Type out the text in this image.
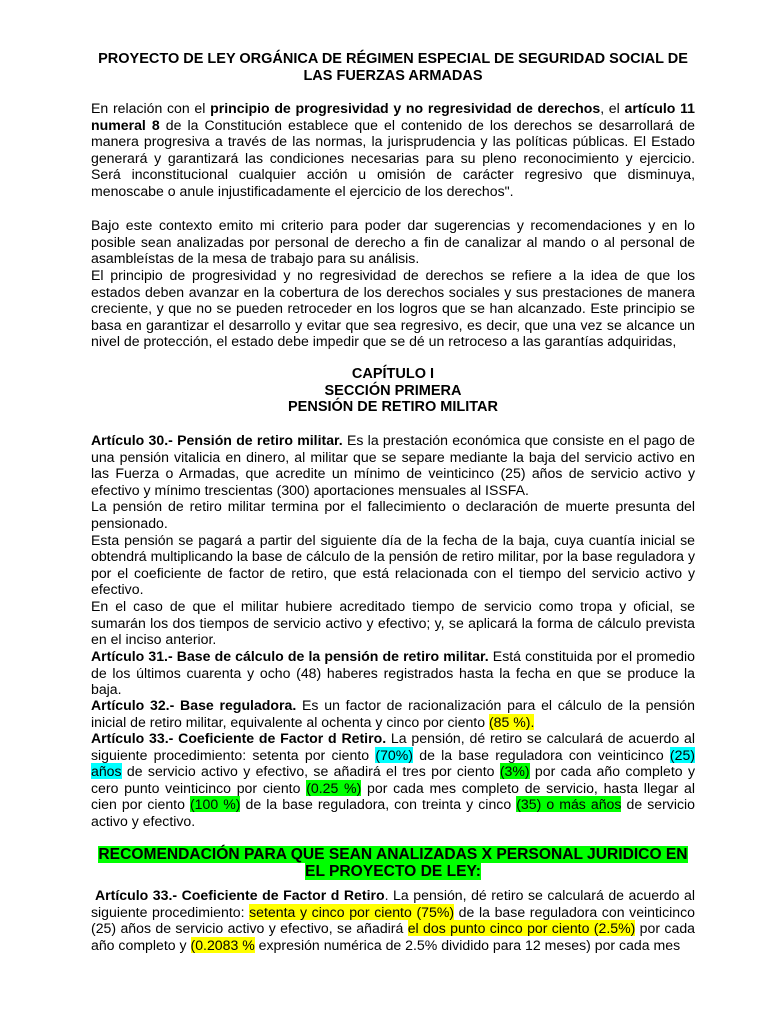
PROYECTO DE LEY ORGÁNICA DE RÉGIMEN ESPECIAL DE SEGURIDAD SOCIAL DE
LAS FUERZAS ARMADAS
En relación con el principio de progresividad y no regresividad de derechos, el artículo 11 numeral 8 de la Constitución establece que el contenido de los derechos se desarrollará de manera progresiva a través de las normas, la jurisprudencia y las políticas públicas. El Estado generará y garantizará las condiciones necesarias para su pleno reconocimiento y ejercicio. Será inconstitucional cualquier acción u omisión de carácter regresivo que disminuya, menoscabe o anule injustificadamente el ejercicio de los derechos".
Bajo este contexto emito mi criterio para poder dar sugerencias y recomendaciones y en lo posible sean analizadas por personal de derecho a fin de canalizar al mando o al personal de asambleístas de la mesa de trabajo para su análisis.
El principio de progresividad y no regresividad de derechos se refiere a la idea de que los estados deben avanzar en la cobertura de los derechos sociales y sus prestaciones de manera creciente, y que no se pueden retroceder en los logros que se han alcanzado. Este principio se basa en garantizar el desarrollo y evitar que sea regresivo, es decir, que una vez se alcance un nivel de protección, el estado debe impedir que se dé un retroceso a las garantías adquiridas,
CAPÍTULO I
SECCIÓN PRIMERA
PENSIÓN DE RETIRO MILITAR
Artículo 30.- Pensión de retiro militar. Es la prestación económica que consiste en el pago de una pensión vitalicia en dinero, al militar que se separe mediante la baja del servicio activo en las Fuerza o Armadas, que acredite un mínimo de veinticinco (25) años de servicio activo y efectivo y mínimo trescientas (300) aportaciones mensuales al ISSFA.
La pensión de retiro militar termina por el fallecimiento o declaración de muerte presunta del pensionado.
Esta pensión se pagará a partir del siguiente día de la fecha de la baja, cuya cuantía inicial se obtendrá multiplicando la base de cálculo de la pensión de retiro militar, por la base reguladora y por el coeficiente de factor de retiro, que está relacionada con el tiempo del servicio activo y efectivo.
En el caso de que el militar hubiere acreditado tiempo de servicio como tropa y oficial, se sumarán los dos tiempos de servicio activo y efectivo; y, se aplicará la forma de cálculo prevista en el inciso anterior.
Artículo 31.- Base de cálculo de la pensión de retiro militar. Está constituida por el promedio de los últimos cuarenta y ocho (48) haberes registrados hasta la fecha en que se produce la baja.
Artículo 32.- Base reguladora. Es un factor de racionalización para el cálculo de la pensión inicial de retiro militar, equivalente al ochenta y cinco por ciento (85 %).
Artículo 33.- Coeficiente de Factor d Retiro. La pensión, dé retiro se calculará de acuerdo al siguiente procedimiento: setenta por ciento (70%) de la base reguladora con veinticinco (25) años de servicio activo y efectivo, se añadirá el tres por ciento (3%) por cada año completo y cero punto veinticinco por ciento (0.25 %) por cada mes completo de servicio, hasta llegar al cien por ciento (100 %) de la base reguladora, con treinta y cinco (35) o más años de servicio activo y efectivo.
RECOMENDACIÓN PARA QUE SEAN ANALIZADAS X PERSONAL JURIDICO EN EL PROYECTO DE LEY:
Artículo 33.- Coeficiente de Factor d Retiro. La pensión, dé retiro se calculará de acuerdo al siguiente procedimiento: setenta y cinco por ciento (75%) de la base reguladora con veinticinco (25) años de servicio activo y efectivo, se añadirá el dos punto cinco por ciento (2.5%) por cada año completo y (0.2083 % expresión numérica de 2.5% dividido para 12 meses) por cada mes
